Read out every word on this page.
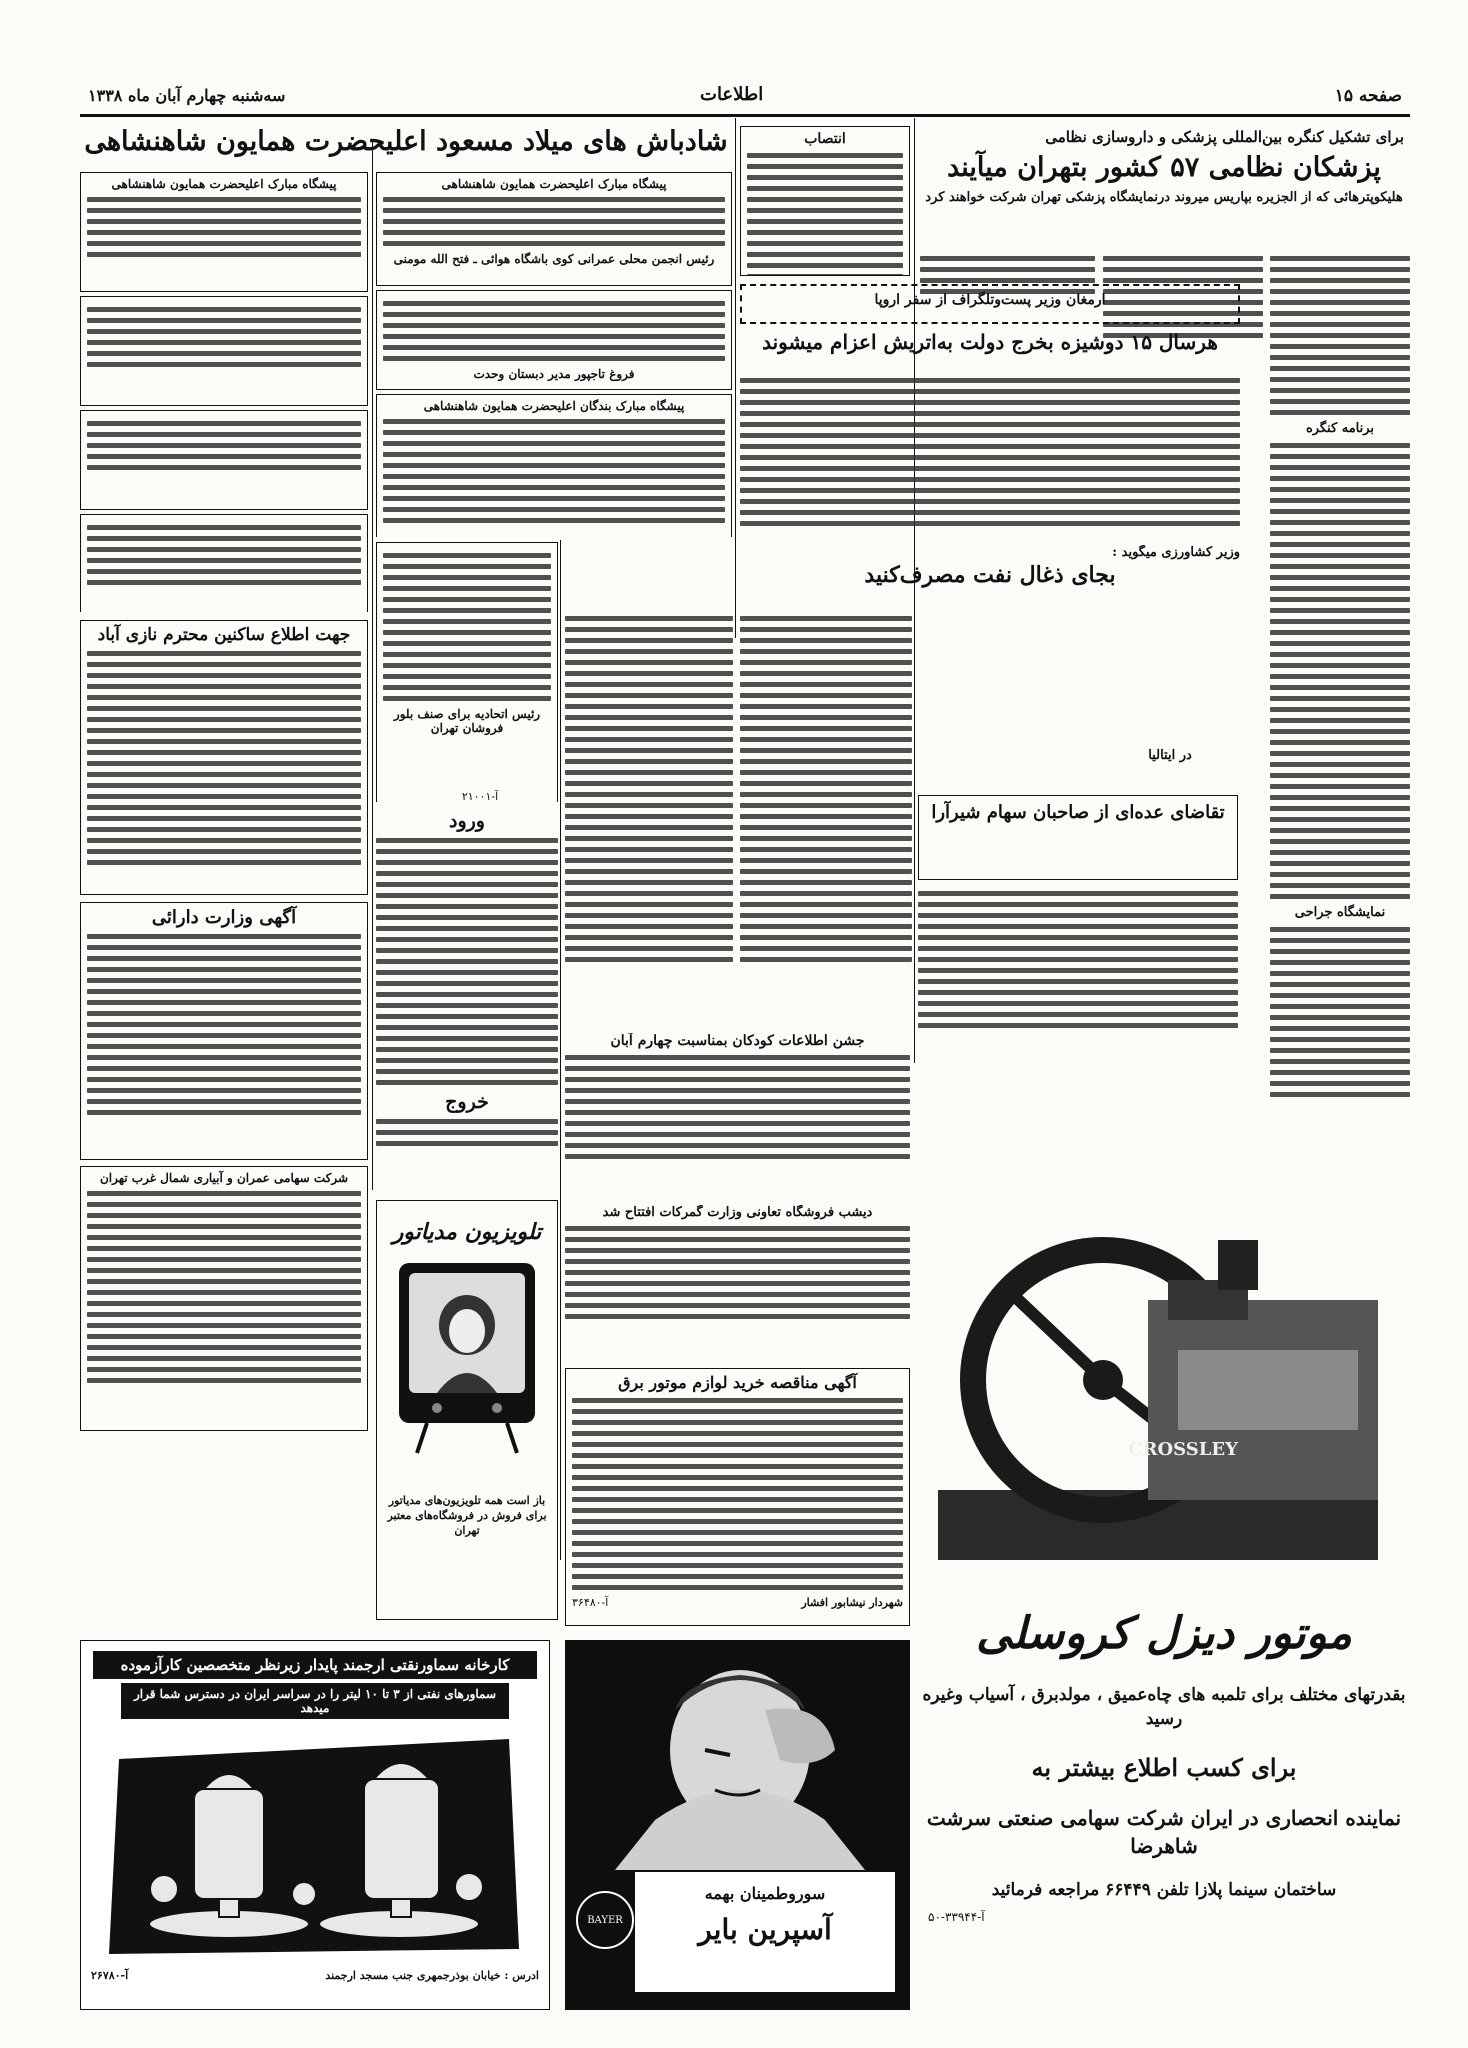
صفحه ۱۵
اطلاعات
سه‌شنبه چهارم آبان ماه ۱۳۳۸
برای تشکیل کنگره بین‌المللی پزشکی و داروسازی نظامی
پزشکان نظامی ۵۷ کشور بتهران میآیند
هلیکوپترهائی که از الجزیره بپاریس میروند درنمایشگاه پزشکی تهران شرکت خواهند کرد
برنامه کنگره
نمایشگاه جراحی
انتصاب
ارمغان وزیر پست‌وتلگراف از سفر اروپا
هرسال ۱۵ دوشیزه بخرج دولت به‌اتریش اعزام میشوند
وزیر کشاورزی میگوید :
بجای ذغال نفت مصرف‌کنید
در ایتالیا
تقاضای عده‌ای از صاحبان سهام شیرآرا
شادباش های میلاد مسعود اعلیحضرت همایون شاهنشاهی
پیشگاه مبارک اعلیحضرت همایون شاهنشاهی
رئیس انجمن محلی عمرانی کوی باشگاه هوائی ـ فتح الله مومنی
فروغ تاجپور مدیر دبستان وحدت
پیشگاه مبارک بندگان اعلیحضرت همایون شاهنشاهی
پیشگاه مبارک اعلیحضرت همایون شاهنشاهی
رئیس اتحادیه برای صنف بلور فروشان تهران
جهت اطلاع ساکنین محترم نازی آباد
آگهی وزارت دارائی
شرکت سهامی عمران و آبیاری شمال غرب تهران
جشن اطلاعات کودکان بمناسبت چهارم آبان
دیشب فروشگاه تعاونی وزارت گمرکات افتتاح شد
ورود
خروج
آ-۲۱۰۰۱
آگهی مناقصه خرید لوازم موتور برق
شهردار نیشابور افشار
آ-۳۶۴۸۰
تلویزیون مدیاتور
باز است همه تلویزیون‌های مدیاتور برای فروش در فروشگاه‌های معتبر تهران
کارخانه سماورنقتی ارجمند پایدار زیرنظر متخصصین کارآزموده
سماورهای نفتی از ۳ تا ۱۰ لیتر را در سراسر ایران در دسترس شما قرار میدهد
ادرس : خیابان بوذرجمهری جنب مسجد ارجمند
آ-۲۶۷۸۰
سوروطمینان بهمه
آسپرین بایر
BAYER
CROSSLEY
موتور دیزل کروسلی
بقدرتهای مختلف برای تلمبه های چاه‌عمیق ، مولدبرق ، آسیاب وغیره رسید
برای کسب اطلاع بیشتر به
نماینده انحصاری در ایران شرکت سهامی صنعتی سرشت شاهرضا
ساختمان سینما پلازا تلفن ۶۶۴۴۹ مراجعه فرمائید
آ-۳۳۹۴۴-۵۰
